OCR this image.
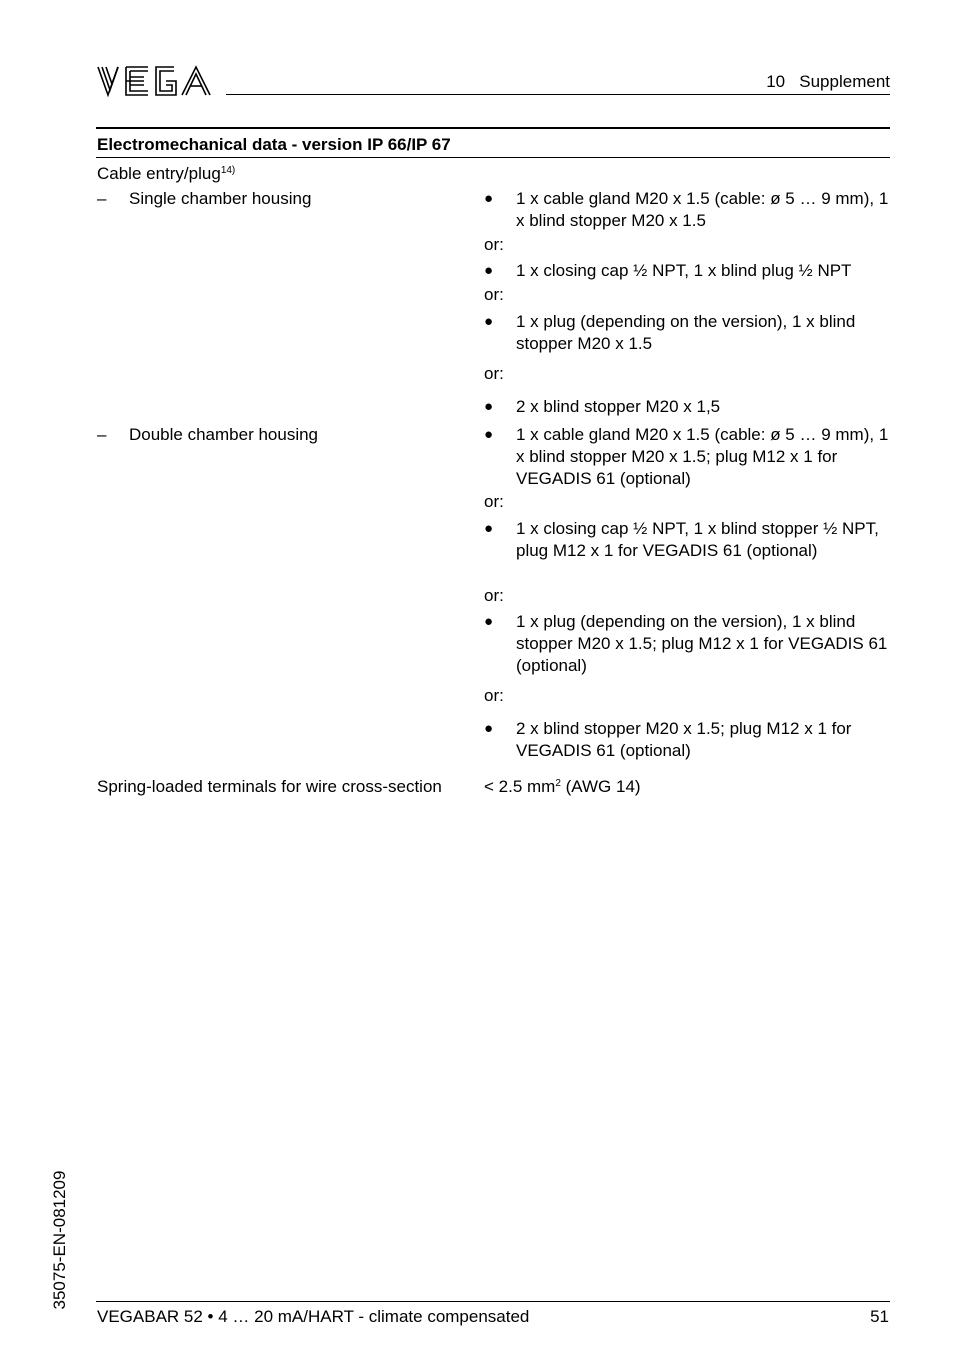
10   Supplement
Electromechanical data - version IP 66/IP 67
Cable entry/plug$^{14)}$
– Single chamber housing	● 1 x cable gland M20 x 1.5 (cable: ø 5 … 9 mm), 1 x blind stopper M20 x 1.5
or:
● 1 x closing cap ½ NPT, 1 x blind plug ½ NPT
or:
● 1 x plug (depending on the version), 1 x blind stopper M20 x 1.5
or:
● 2 x blind stopper M20 x 1,5
– Double chamber housing	● 1 x cable gland M20 x 1.5 (cable: ø 5 … 9 mm), 1 x blind stopper M20 x 1.5; plug M12 x 1 for VEGADIS 61 (optional)
or:
● 1 x closing cap ½ NPT, 1 x blind stopper ½ NPT, plug M12 x 1 for VEGADIS 61 (optional)
or:
● 1 x plug (depending on the version), 1 x blind stopper M20 x 1.5; plug M12 x 1 for VEGADIS 61 (optional)
or:
● 2 x blind stopper M20 x 1.5; plug M12 x 1 for VEGADIS 61 (optional)
Spring-loaded terminals for wire cross-section	< 2.5 $mm^2$ (AWG 14)
35075-EN-081209
VEGABAR 52 • 4 … 20 mA/HART - climate compensated	51
